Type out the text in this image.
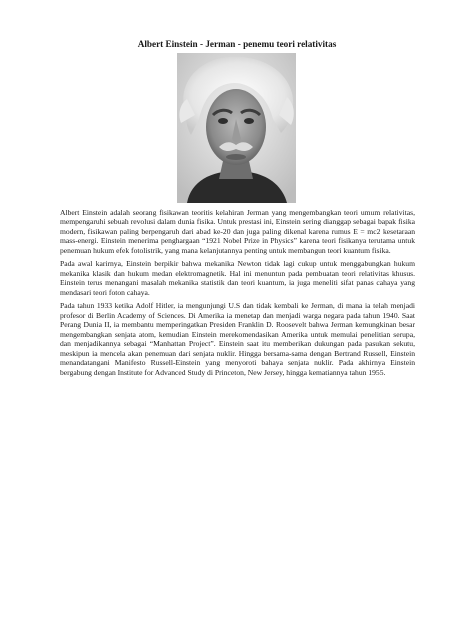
Albert Einstein - Jerman - penemu teori relativitas

Albert Einstein adalah seorang fisikawan teoritis kelahiran Jerman yang mengembangkan teori umum relativitas, mempengaruhi sebuah revolusi dalam dunia fisika. Untuk prestasi ini, Einstein sering dianggap sebagai bapak fisika modern, fisikawan paling berpengaruh dari abad ke-20 dan juga paling dikenal karena rumus E = mc2 kesetaraan mass-energi. Einstein menerima penghargaan “1921 Nobel Prize in Physics” karena teori fisikanya terutama untuk penemuan hukum efek fotolistrik, yang mana kelanjutannya penting untuk membangun teori kuantum fisika.

Pada awal karirnya, Einstein berpikir bahwa mekanika Newton tidak lagi cukup untuk menggabungkan hukum mekanika klasik dan hukum medan elektromagnetik. Hal ini menuntun pada pembuatan teori relativitas khusus. Einstein terus menangani masalah mekanika statistik dan teori kuantum, ia juga meneliti sifat panas cahaya yang mendasari teori foton cahaya.

Pada tahun 1933 ketika Adolf Hitler, ia mengunjungi U.S dan tidak kembali ke Jerman, di mana ia telah menjadi profesor di Berlin Academy of Sciences. Di Amerika ia menetap dan menjadi warga negara pada tahun 1940. Saat Perang Dunia II, ia membantu memperingatkan Presiden Franklin D. Roosevelt bahwa Jerman kemungkinan besar mengembangkan senjata atom, kemudian Einstein merekomendasikan Amerika untuk memulai penelitian serupa, dan menjadikannya sebagai “Manhattan Project”. Einstein saat itu memberikan dukungan pada pasukan sekutu, meskipun ia mencela akan penemuan dari senjata nuklir. Hingga bersama-sama dengan Bertrand Russell, Einstein menandatangani Manifesto Russell-Einstein yang menyoroti bahaya senjata nuklir. Pada akhirnya Einstein bergabung dengan Institute for Advanced Study di Princeton, New Jersey, hingga kematiannya tahun 1955.
